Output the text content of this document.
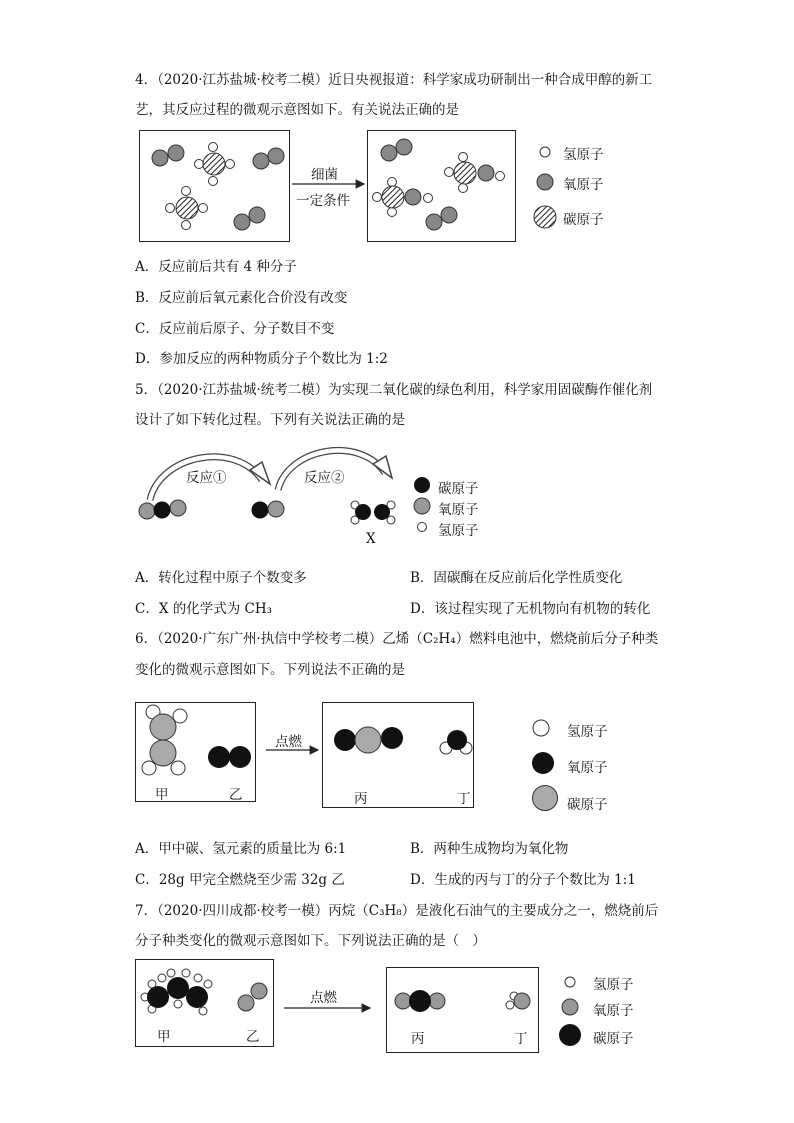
4．（2020·江苏盐城·校考二模）近日央视报道：科学家成功研制出一种合成甲醇的新工
艺，其反应过程的微观示意图如下。有关说法正确的是
细菌
一定条件
氢原子
氧原子
碳原子
A．反应前后共有 4 种分子
B．反应前后氧元素化合价没有改变
C．反应前后原子、分子数目不变
D．参加反应的两种物质分子个数比为 1:2
5．（2020·江苏盐城·统考二模）为实现二氧化碳的绿色利用，科学家用固碳酶作催化剂
设计了如下转化过程。下列有关说法正确的是
反应①	反应②
X
碳原子
氧原子
氢原子
A．转化过程中原子个数变多	B．固碳酶在反应前后化学性质变化
C．X 的化学式为 CH₃	D．该过程实现了无机物向有机物的转化
6．（2020·广东广州·执信中学校考二模）乙烯（C₂H₄）燃料电池中，燃烧前后分子种类
变化的微观示意图如下。下列说法不正确的是
点燃
甲	乙	丙	丁
氢原子
氧原子
碳原子
A．甲中碳、氢元素的质量比为 6:1	B．两种生成物均为氧化物
C．28g 甲完全燃烧至少需 32g 乙	D．生成的丙与丁的分子个数比为 1:1
7．（2020·四川成都·校考一模）丙烷（C₃H₈）是液化石油气的主要成分之一，燃烧前后
分子种类变化的微观示意图如下。下列说法正确的是（　）
点燃
甲	乙	丙	丁
氢原子
氧原子
碳原子
